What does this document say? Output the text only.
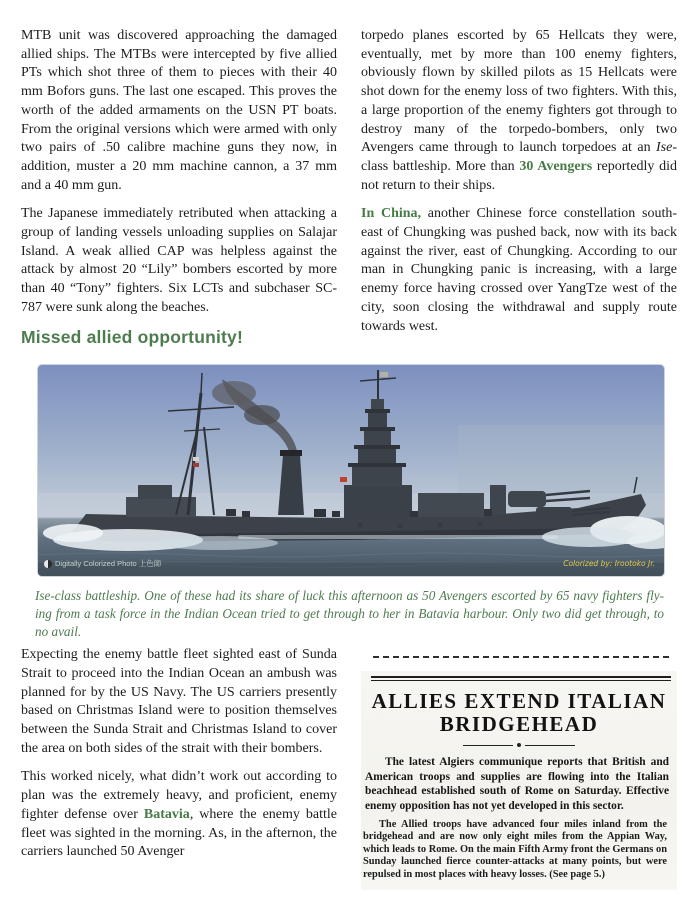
MTB unit was discovered approaching the damaged allied ships. The MTBs were intercepted by five allied PTs which shot three of them to pieces with their 40 mm Bofors guns. The last one escaped. This proves the worth of the added armaments on the USN PT boats. From the original versions which were armed with only two pairs of .50 calibre machine guns they now, in addition, muster a 20 mm machine cannon, a 37 mm and a 40 mm gun.

The Japanese immediately retributed when attacking a group of landing vessels unloading supplies on Salajar Island. A weak allied CAP was helpless against the attack by almost 20 “Lily” bombers escorted by more than 40 “Tony” fighters. Six LCTs and subchaser SC-787 were sunk along the beaches.

Missed allied opportunity!

torpedo planes escorted by 65 Hellcats they were, eventually, met by more than 100 enemy fighters, obviously flown by skilled pilots as 15 Hellcats were shot down for the enemy loss of two fighters. With this, a large proportion of the enemy fighters got through to destroy many of the torpedo-bombers, only two Avengers came through to launch torpedoes at an Ise-class battleship. More than 30 Avengers reportedly did not return to their ships.

In China, another Chinese force constellation south-east of Chungking was pushed back, now with its back against the river, east of Chungking. According to our man in Chungking panic is increasing, with a large enemy force having crossed over YangTze west of the city, soon closing the withdrawal and supply route towards west.

Digitally Colorized Photo 上色師	Colorized by: Irootoko Jr.
Ise-class battleship. One of these had its share of luck this afternoon as 50 Avengers escorted by 65 navy fighters fly-
ing from a task force in the Indian Ocean tried to get through to her in Batavia harbour. Only two did get through, to
no avail.

Expecting the enemy battle fleet sighted east of Sunda Strait to proceed into the Indian Ocean an ambush was planned for by the US Navy. The US carriers presently based on Christmas Island were to position themselves between the Sunda Strait and Christmas Island to cover the area on both sides of the strait with their bombers.

This worked nicely, what didn’t work out according to plan was the extremely heavy, and proficient, enemy fighter defense over Batavia, where the enemy battle fleet was sighted in the morning. As, in the afternon, the carriers launched 50 Avenger

ALLIES EXTEND ITALIAN
BRIDGEHEAD

The latest Algiers communique reports that British and American troops and supplies are flowing into the Italian beachhead established south of Rome on Saturday. Effective enemy opposition has not yet developed in this sector.

The Allied troops have advanced four miles inland from the bridgehead and are now only eight miles from the Appian Way, which leads to Rome. On the main Fifth Army front the Germans on Sunday launched fierce counter-attacks at many points, but were repulsed in most places with heavy losses. (See page 5.)
